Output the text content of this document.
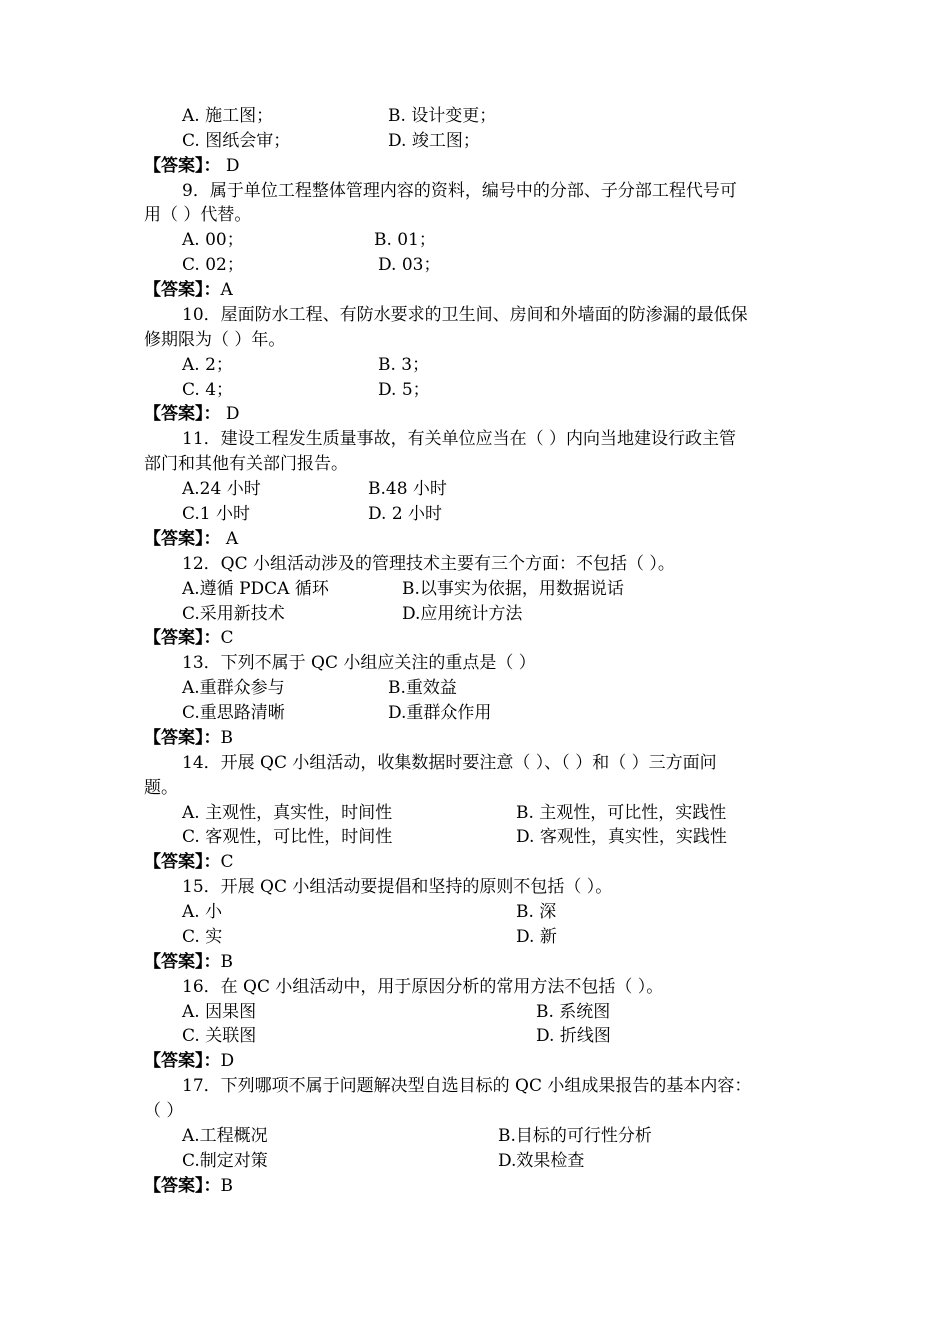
A. 施工图；	B. 设计变更；
C. 图纸会审；	D. 竣工图；
【答案】： D
9．属于单位工程整体管理内容的资料，编号中的分部、子分部工程代号可
用（ ）代替。
A. 00；	B. 01；
C. 02；	D. 03；
【答案】：A
10．屋面防水工程、有防水要求的卫生间、房间和外墙面的防渗漏的最低保
修期限为（ ）年。
A. 2；	B. 3；
C. 4；	D. 5；
【答案】： D
11．建设工程发生质量事故，有关单位应当在（ ）内向当地建设行政主管
部门和其他有关部门报告。
A.24 小时	B.48 小时
C.1 小时	D. 2 小时
【答案】： A
12．QC 小组活动涉及的管理技术主要有三个方面：不包括（ ）。
A.遵循 PDCA 循环	B.以事实为依据，用数据说话
C.采用新技术	D.应用统计方法
【答案】：C
13．下列不属于 QC 小组应关注的重点是（ ）
A.重群众参与	B.重效益
C.重思路清晰	D.重群众作用
【答案】：B
14．开展 QC 小组活动，收集数据时要注意（ ）、（ ）和（ ）三方面问
题。
A. 主观性，真实性，时间性	B. 主观性，可比性，实践性
C. 客观性，可比性，时间性	D. 客观性，真实性，实践性
【答案】：C
15．开展 QC 小组活动要提倡和坚持的原则不包括（ ）。
A. 小	B. 深
C. 实	D. 新
【答案】：B
16．在 QC 小组活动中，用于原因分析的常用方法不包括（ ）。
A. 因果图	B. 系统图
C. 关联图	D. 折线图
【答案】：D
17．下列哪项不属于问题解决型自选目标的 QC 小组成果报告的基本内容：
（ ）
A.工程概况	B.目标的可行性分析
C.制定对策	D.效果检查
【答案】：B
